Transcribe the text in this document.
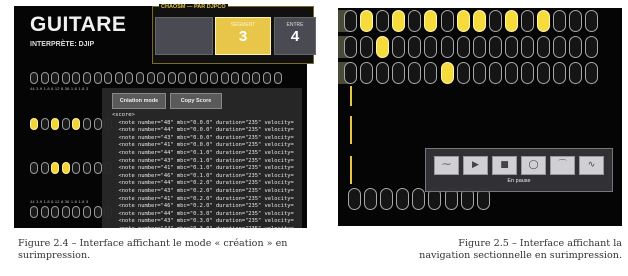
GUITARE
INTERPRÈTE: DJIP
CHAOSM — PAR DJPCO
SEGMENT
3
ENTRE
4
44 3.9 1.8 6.12 8.36 1.6 1.8 3
44 3.9 1.8 6.12 8.36 1.6 1.8 3
Création mode	Copy Score
<score>
<note number="48" mbc="0.0.0" duration="235" velocity=
<note number="44" mbc="0.0.0" duration="235" velocity=
<note number="43" mbc="0.0.0" duration="235" velocity=
<note number="41" mbc="0.0.0" duration="235" velocity=
<note number="44" mbc="0.1.0" duration="235" velocity=
<note number="43" mbc="0.1.0" duration="235" velocity=
<note number="41" mbc="0.1.0" duration="235" velocity=
<note number="46" mbc="0.1.0" duration="235" velocity=
<note number="44" mbc="0.2.0" duration="235" velocity=
<note number="43" mbc="0.2.0" duration="235" velocity=
<note number="41" mbc="0.2.0" duration="235" velocity=
<note number="46" mbc="0.2.0" duration="235" velocity=
<note number="44" mbc="0.3.0" duration="235" velocity=
<note number="43" mbc="0.3.0" duration="235" velocity=
<note number="44" mbc="0.3.0" duration="235" velocity=
Figure 2.4 – Interface affichant le mode « création » en surimpression.
⁓	▶	■	◯	⌒	∿
En pause
Figure 2.5 – Interface affichant la
navigation sectionnelle en surimpression.
